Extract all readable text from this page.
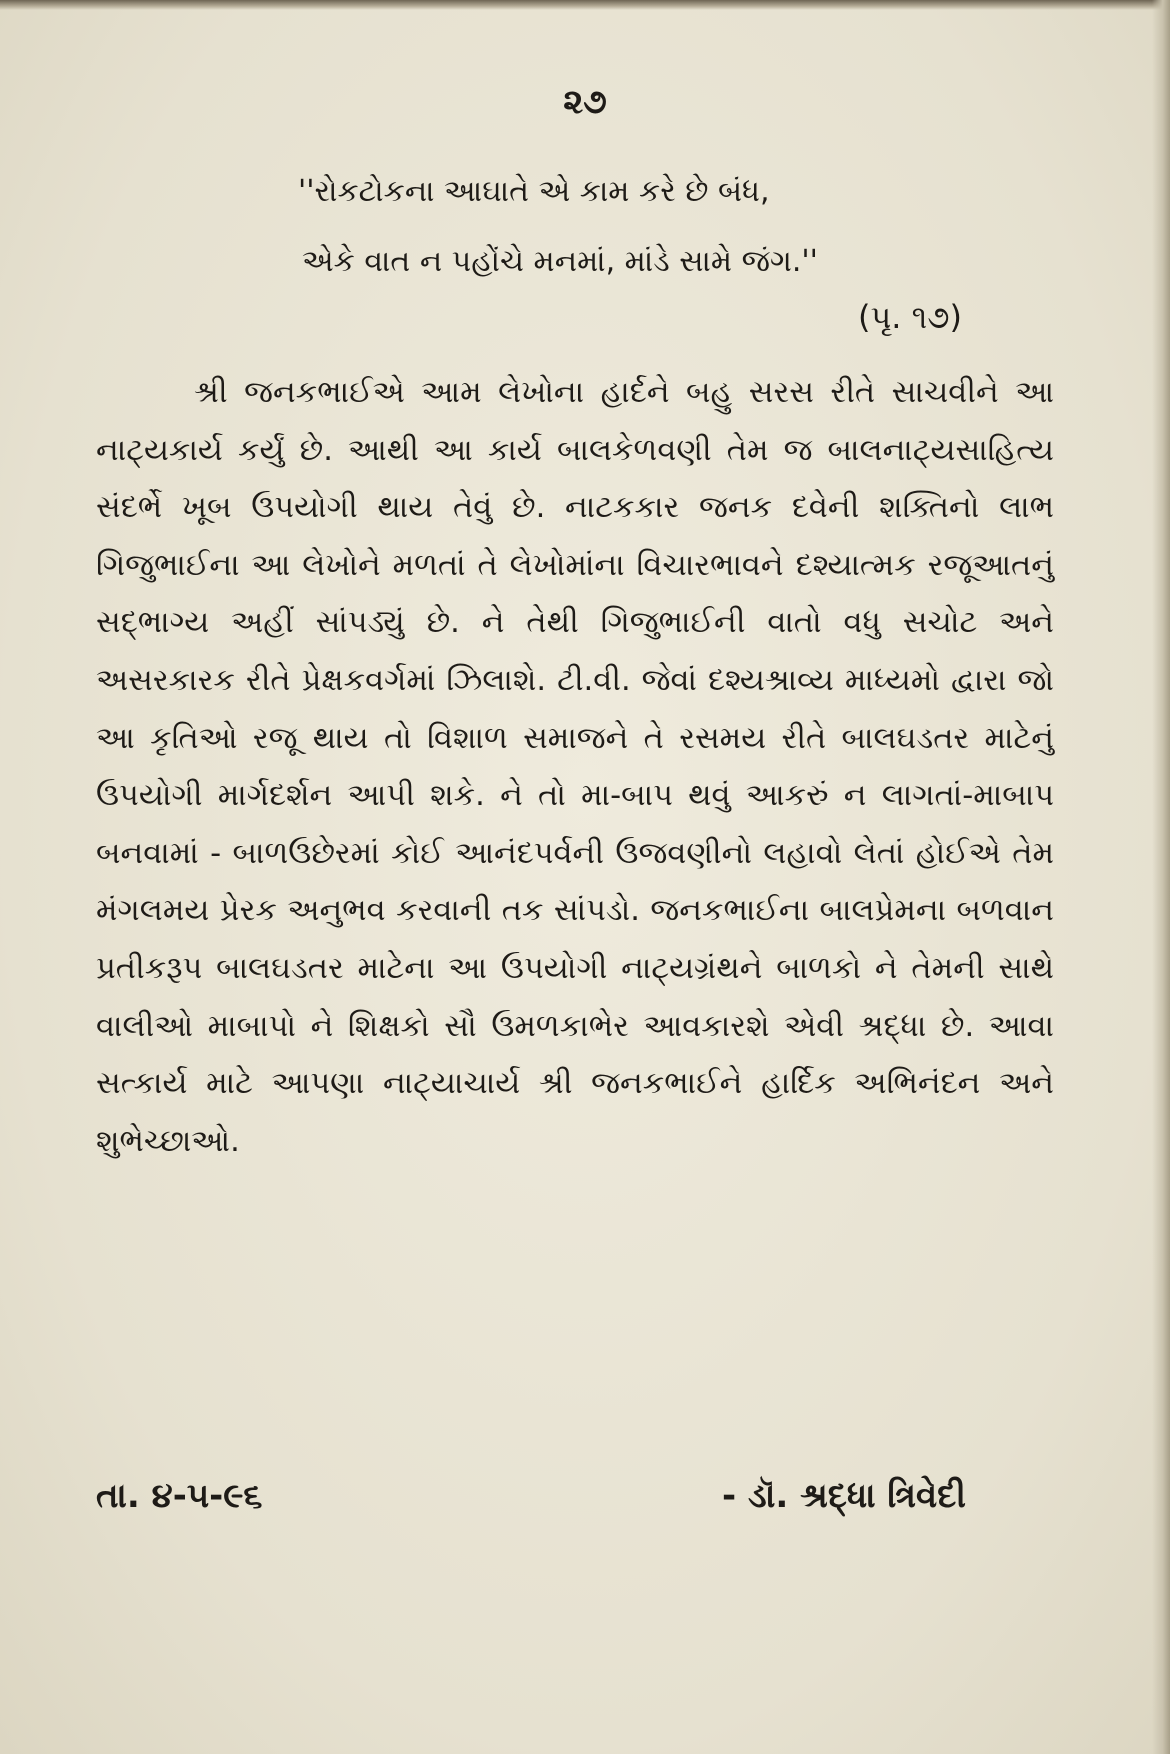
૨૭
''રોકટોકના આઘાતે એ કામ કરે છે બંધ,
એકે વાત ન પહોંચે મનમાં, માંડે સામે જંગ.''
(પૃ. ૧૭)

શ્રી જનકભાઈએ આમ લેખોના હાર્દને બહુ સરસ રીતે સાચવીને આ નાટ્યકાર્ય કર્યું છે. આથી આ કાર્ય બાલકેળવણી તેમ જ બાલનાટ્યસાહિત્ય સંદર્ભે ખૂબ ઉપયોગી થાય તેવું છે. નાટકકાર જનક દવેની શક્તિનો લાભ ગિજુભાઈના આ લેખોને મળતાં તે લેખોમાંના વિચારભાવને દશ્યાત્મક રજૂઆતનું સદ્ભાગ્ય અહીં સાંપડ્યું છે. ને તેથી ગિજુભાઈની વાતો વધુ સચોટ અને અસરકારક રીતે પ્રેક્ષકવર્ગમાં ઝિલાશે. ટી.વી. જેવાં દશ્યશ્રાવ્ય માધ્યમો દ્વારા જો આ કૃતિઓ રજૂ થાય તો વિશાળ સમાજને તે રસમય રીતે બાલઘડતર માટેનું ઉપયોગી માર્ગદર્શન આપી શકે. ને તો મા-બાપ થવું આકરું ન લાગતાં-માબાપ બનવામાં - બાળઉછેરમાં કોઈ આનંદપર્વની ઉજવણીનો લહાવો લેતાં હોઈએ તેમ મંગલમય પ્રેરક અનુભવ કરવાની તક સાંપડો. જનકભાઈના બાલપ્રેમના બળવાન પ્રતીકરૂપ બાલઘડતર માટેના આ ઉપયોગી નાટ્યગ્રંથને બાળકો ને તેમની સાથે વાલીઓ માબાપો ને શિક્ષકો સૌ ઉમળકાભેર આવકારશે એવી શ્રદ્ધા છે. આવા સત્કાર્ય માટે આપણા નાટ્યાચાર્ય શ્રી જનકભાઈને હાર્દિક અભિનંદન અને શુભેચ્છાઓ.

તા. ૪-૫-૯૬	- ડૉ. શ્રદ્ધા ત્રિવેદી
